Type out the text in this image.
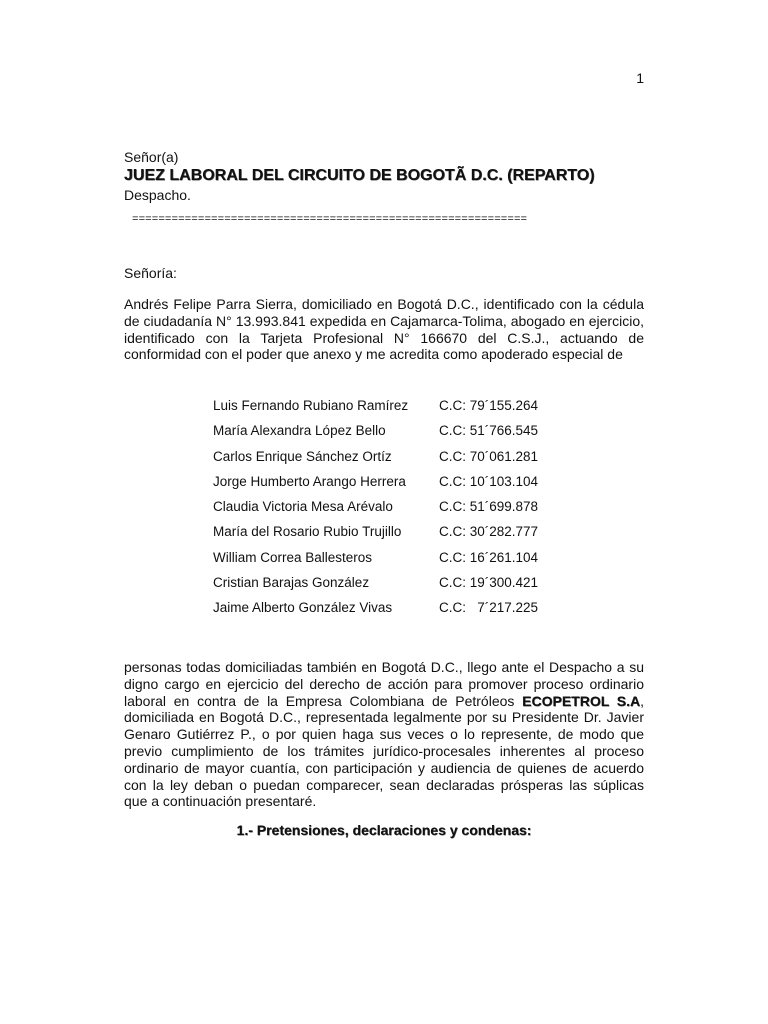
1
Señor(a)
JUEZ LABORAL DEL CIRCUITO DE BOGOTÃ D.C. (REPARTO)
Despacho.
============================================================
Señoría:
Andrés Felipe Parra Sierra, domiciliado en Bogotá D.C., identificado con la cédula de ciudadanía N° 13.993.841 expedida en Cajamarca-Tolima, abogado en ejercicio, identificado con la Tarjeta Profesional N° 166670 del C.S.J., actuando de conformidad con el poder que anexo y me acredita como apoderado especial de
Luis Fernando Rubiano Ramírez	C.C: 79´155.264
María Alexandra López Bello	C.C: 51´766.545
Carlos Enrique Sánchez Ortíz	C.C: 70´061.281
Jorge Humberto Arango Herrera	C.C: 10´103.104
Claudia Victoria Mesa Arévalo	C.C: 51´699.878
María del Rosario Rubio Trujillo	C.C: 30´282.777
William Correa Ballesteros	C.C: 16´261.104
Cristian Barajas González	C.C: 19´300.421
Jaime Alberto González Vivas	C.C:   7´217.225
personas todas domiciliadas también en Bogotá D.C., llego ante el Despacho a su digno cargo en ejercicio del derecho de acción para promover proceso ordinario laboral en contra de la Empresa Colombiana de Petróleos ECOPETROL S.A, domiciliada en Bogotá D.C., representada legalmente por su Presidente Dr. Javier Genaro Gutiérrez P., o por quien haga sus veces o lo represente, de modo que previo cumplimiento de los trámites jurídico-procesales inherentes al proceso ordinario de mayor cuantía, con participación y audiencia de quienes de acuerdo con la ley deban o puedan comparecer, sean declaradas prósperas las súplicas que a continuación presentaré.
1.- Pretensiones, declaraciones y condenas:
